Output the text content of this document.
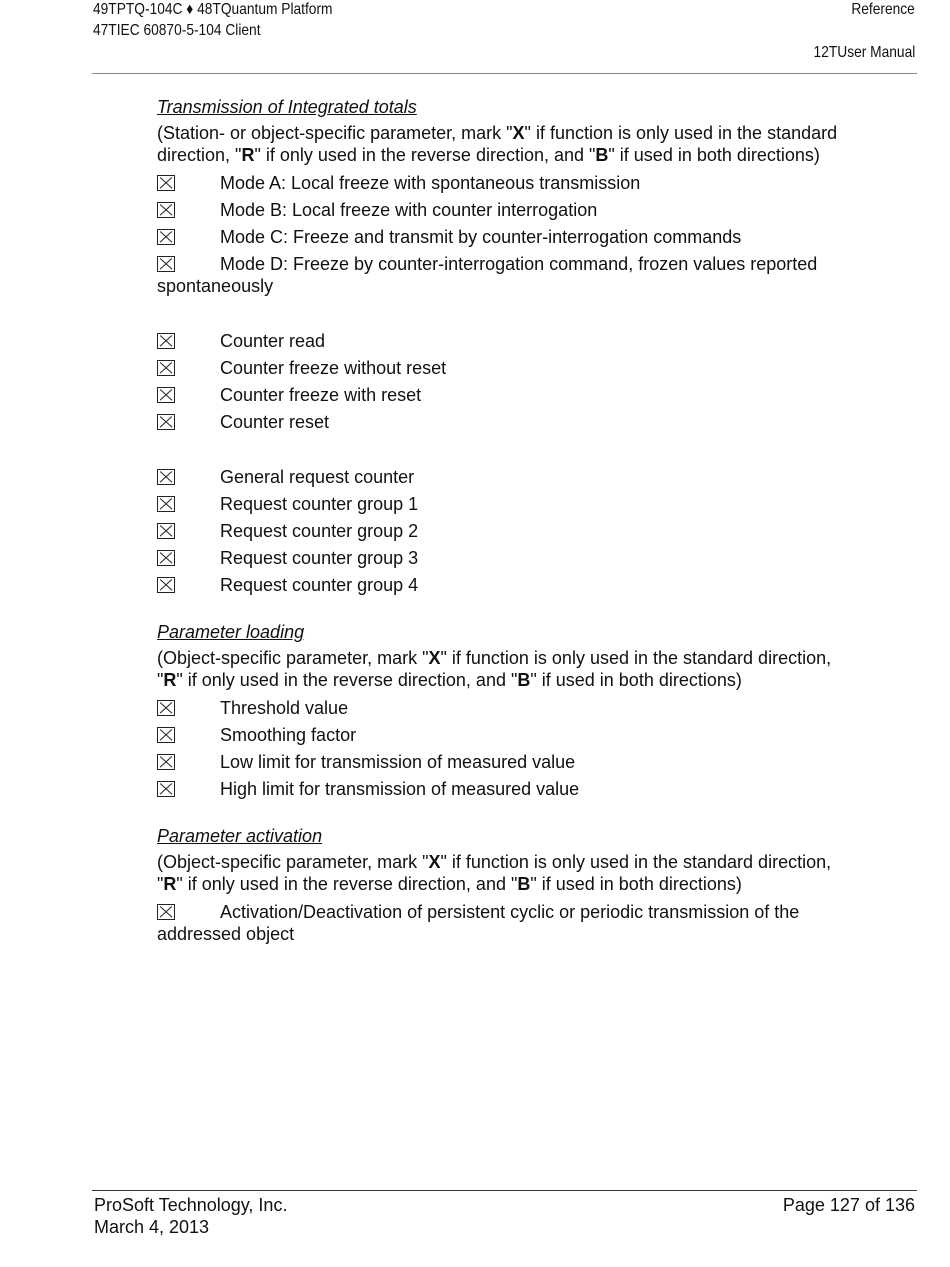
49TPTQ-104C ♦ 48TQuantum Platform
47TIEC 60870-5-104 Client
Reference
12TUser Manual
Transmission of Integrated totals
(Station- or object-specific parameter, mark "X" if function is only used in the standard direction, "R" if only used in the reverse direction, and "B" if used in both directions)
Mode A: Local freeze with spontaneous transmission
Mode B: Local freeze with counter interrogation
Mode C: Freeze and transmit by counter-interrogation commands
Mode D: Freeze by counter-interrogation command, frozen values reported spontaneously
Counter read
Counter freeze without reset
Counter freeze with reset
Counter reset
General request counter
Request counter group 1
Request counter group 2
Request counter group 3
Request counter group 4
Parameter loading
(Object-specific parameter, mark "X" if function is only used in the standard direction, "R" if only used in the reverse direction, and "B" if used in both directions)
Threshold value
Smoothing factor
Low limit for transmission of measured value
High limit for transmission of measured value
Parameter activation
(Object-specific parameter, mark "X" if function is only used in the standard direction, "R" if only used in the reverse direction, and "B" if used in both directions)
Activation/Deactivation of persistent cyclic or periodic transmission of the addressed object
ProSoft Technology, Inc.
March 4, 2013
Page 127 of 136
